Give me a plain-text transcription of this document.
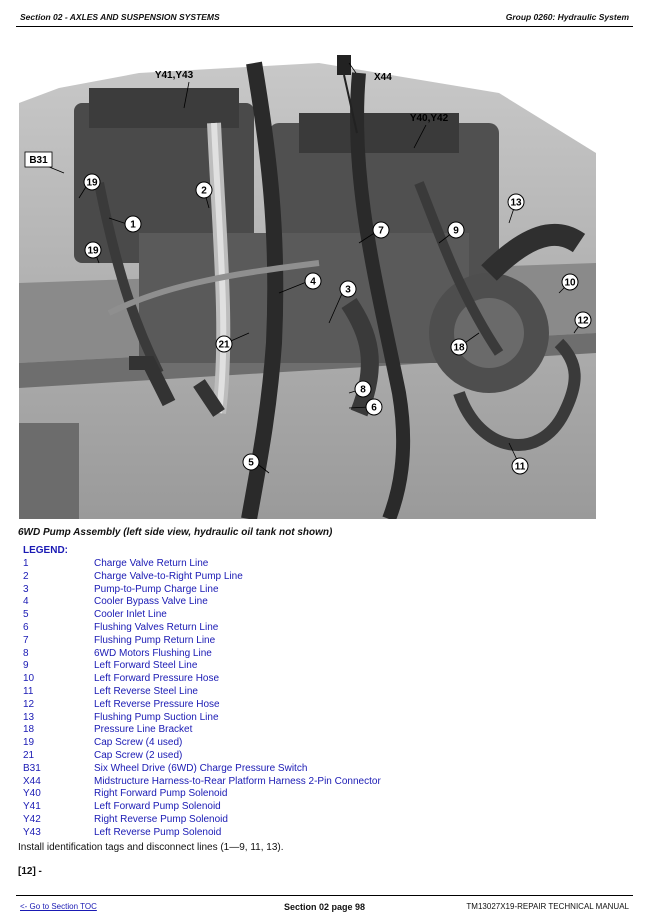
Section 02 - AXLES AND SUSPENSION SYSTEMS	Group 0260: Hydraulic System
B31
Y41,Y43	X44
Y40,Y42
1
2
3
4
5
6
7
8
9
10
11
12
13
18
19
19
21
6WD Pump Assembly (left side view, hydraulic oil tank not shown)
LEGEND:
1	Charge Valve Return Line
2	Charge Valve-to-Right Pump Line
3	Pump-to-Pump Charge Line
4	Cooler Bypass Valve Line
5	Cooler Inlet Line
6	Flushing Valves Return Line
7	Flushing Pump Return Line
8	6WD Motors Flushing Line
9	Left Forward Steel Line
10	Left Forward Pressure Hose
11	Left Reverse Steel Line
12	Left Reverse Pressure Hose
13	Flushing Pump Suction Line
18	Pressure Line Bracket
19	Cap Screw (4 used)
21	Cap Screw (2 used)
B31	Six Wheel Drive (6WD) Charge Pressure Switch
X44	Midstructure Harness-to-Rear Platform Harness 2-Pin Connector
Y40	Right Forward Pump Solenoid
Y41	Left Forward Pump Solenoid
Y42	Right Reverse Pump Solenoid
Y43	Left Reverse Pump Solenoid
Install identification tags and disconnect lines (1—9, 11, 13).
[12] -
<- Go to Section TOC	Section 02 page 98	TM13027X19-REPAIR TECHNICAL MANUAL
